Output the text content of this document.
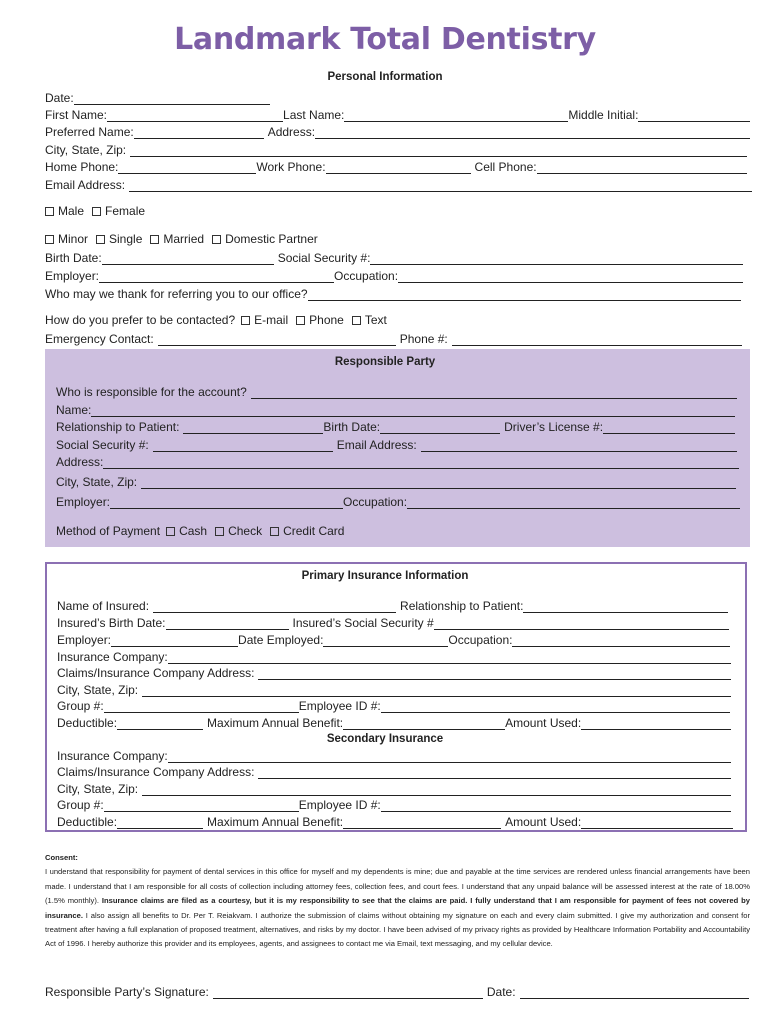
Landmark Total Dentistry
Personal Information
Date:
First Name:	Last Name:	Middle Initial:
Preferred Name:	Address:
City, State, Zip:
Home Phone:	Work Phone:	Cell Phone:
Email Address:
Male	Female
Minor	Single	Married	Domestic Partner
Birth Date:	Social Security #:
Employer:	Occupation:
Who may we thank for referring you to our office?
How do you prefer to be contacted?	E-mail	Phone	Text
Emergency Contact:	Phone #:
Responsible Party
Who is responsible for the account?
Name:
Relationship to Patient:	Birth Date:	Driver’s License #:
Social Security #:	Email Address:
Address:
City, State, Zip:
Employer:	Occupation:
Method of Payment	Cash	Check	Credit Card
Primary Insurance Information
Name of Insured:	Relationship to Patient:
Insured’s Birth Date:	Insured’s Social Security #
Employer:	Date Employed:	Occupation:
Insurance Company:
Claims/Insurance Company Address:
City, State, Zip:
Group #:	Employee ID #:
Deductible:	Maximum Annual Benefit:	Amount Used:
Secondary Insurance
Insurance Company:
Claims/Insurance Company Address:
City, State, Zip:
Group #:	Employee ID #:
Deductible:	Maximum Annual Benefit:	Amount Used:
Consent:
I understand that responsibility for payment of dental services in this office for myself and my dependents is mine; due and payable at the time services are rendered unless financial arrangements have been made. I understand that I am responsible for all costs of collection including attorney fees, collection fees, and court fees. I understand that any unpaid balance will be assessed interest at the rate of 18.00% (1.5% monthly). Insurance claims are filed as a courtesy, but it is my responsibility to see that the claims are paid. I fully understand that I am responsible for payment of fees not covered by insurance. I also assign all benefits to Dr. Per T. Reiakvam. I authorize the submission of claims without obtaining my signature on each and every claim submitted. I give my authorization and consent for treatment after having a full explanation of proposed treatment, alternatives, and risks by my doctor. I have been advised of my privacy rights as provided by Healthcare Information Portability and Accountability Act of 1996. I hereby authorize this provider and its employees, agents, and assignees to contact me via Email, text messaging, and my cellular device.
Responsible Party’s Signature:	Date:
